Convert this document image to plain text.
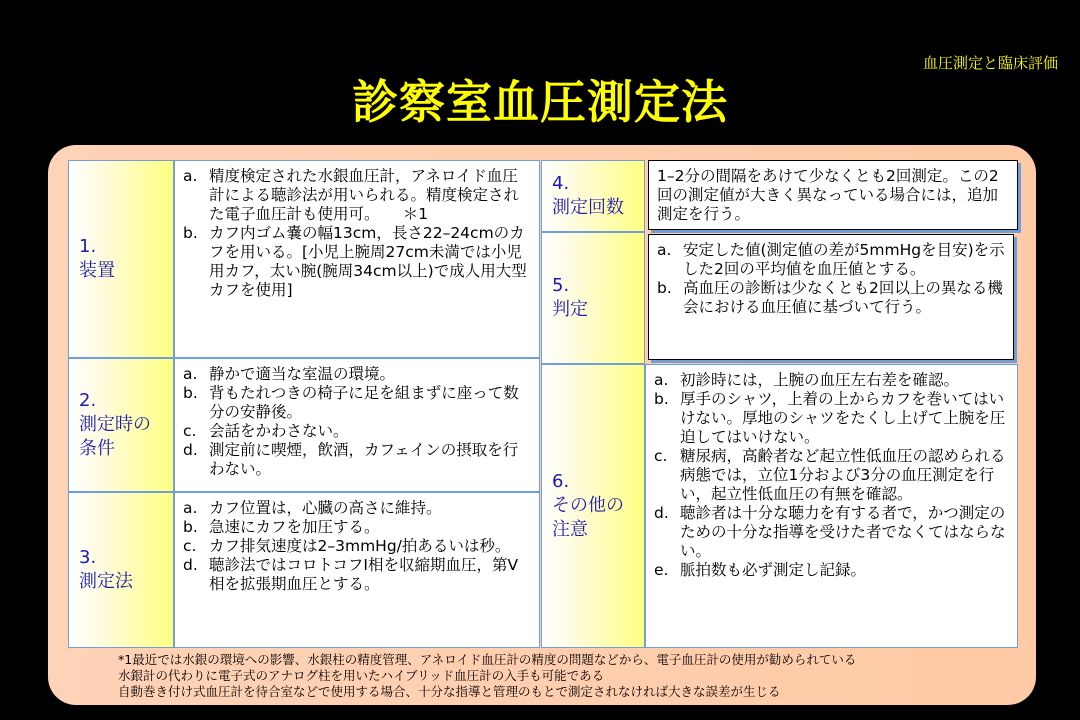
血圧測定と臨床評価
診察室血圧測定法
1.
装置
a. 精度検定された水銀血圧計，アネロイド血圧計による聴診法が用いられる。精度検定された電子血圧計も使用可。　　＊1
b. カフ内ゴム嚢の幅13cm，長さ22–24cmのカフを用いる。[小児上腕周27cm未満では小児用カフ，太い腕(腕周34cm以上)で成人用大型カフを使用]
2.
測定時の
条件
a. 静かで適当な室温の環境。
b. 背もたれつきの椅子に足を組まずに座って数分の安静後。
c. 会話をかわさない。
d. 測定前に喫煙，飲酒，カフェインの摂取を行わない。
3.
測定法
a. カフ位置は，心臓の高さに維持。
b. 急速にカフを加圧する。
c. カフ排気速度は2–3mmHg/拍あるいは秒。
d. 聴診法ではコロトコフⅠ相を収縮期血圧，第Ⅴ相を拡張期血圧とする。
4.
測定回数
1–2分の間隔をあけて少なくとも2回測定。この2回の測定値が大きく異なっている場合には，追加測定を行う。
5.
判定
a. 安定した値(測定値の差が5mmHgを目安)を示した2回の平均値を血圧値とする。
b. 高血圧の診断は少なくとも2回以上の異なる機会における血圧値に基づいて行う。
6.
その他の
注意
a. 初診時には，上腕の血圧左右差を確認。
b. 厚手のシャツ，上着の上からカフを巻いてはいけない。厚地のシャツをたくし上げて上腕を圧迫してはいけない。
c. 糖尿病，高齢者など起立性低血圧の認められる病態では，立位1分および3分の血圧測定を行い，起立性低血圧の有無を確認。
d. 聴診者は十分な聴力を有する者で，かつ測定のための十分な指導を受けた者でなくてはならない。
e. 脈拍数も必ず測定し記録。
*1最近では水銀の環境への影響、水銀柱の精度管理、アネロイド血圧計の精度の問題などから、電子血圧計の使用が勧められている
水銀計の代わりに電子式のアナログ柱を用いたハイブリッド血圧計の入手も可能である
自動巻き付け式血圧計を待合室などで使用する場合、十分な指導と管理のもとで測定されなければ大きな誤差が生じる
